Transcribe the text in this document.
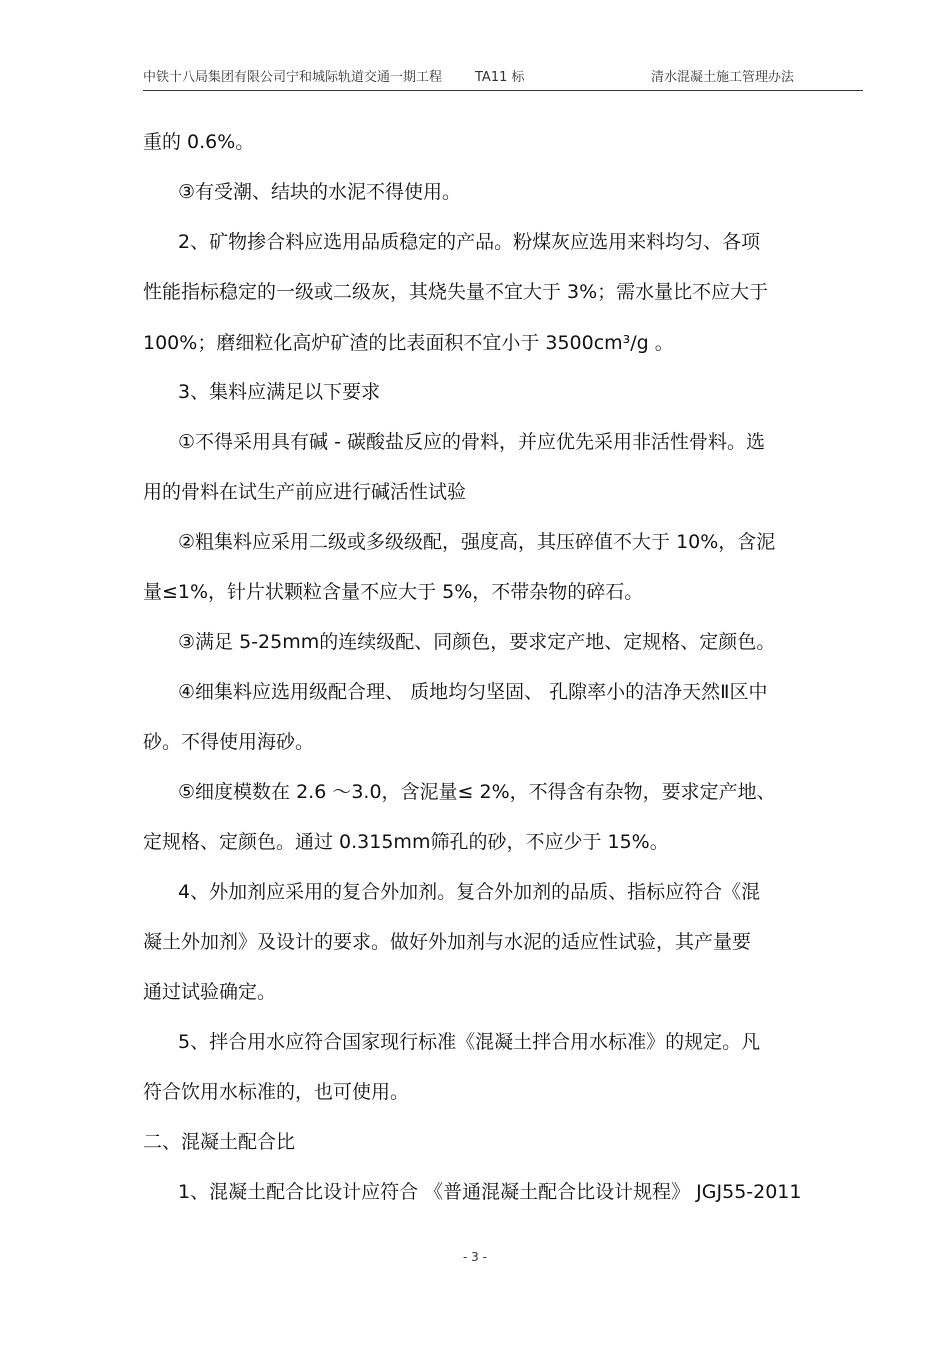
中铁十八局集团有限公司宁和城际轨道交通一期工程	TA11 标	清水混凝土施工管理办法
重的 0.6%。
③有受潮、结块的水泥不得使用。
2、矿物掺合料应选用品质稳定的产品。粉煤灰应选用来料均匀、各项
性能指标稳定的一级或二级灰，其烧失量不宜大于 3%；需水量比不应大于
100%；磨细粒化高炉矿渣的比表面积不宜小于 3500cm³/g 。
3、集料应满足以下要求
①不得采用具有碱 - 碳酸盐反应的骨料，并应优先采用非活性骨料。选
用的骨料在试生产前应进行碱活性试验
②粗集料应采用二级或多级级配，强度高，其压碎值不大于 10%，含泥
量≤1%，针片状颗粒含量不应大于 5%，不带杂物的碎石。
③满足 5-25mm的连续级配、同颜色，要求定产地、定规格、定颜色。
④细集料应选用级配合理、 质地均匀坚固、 孔隙率小的洁净天然Ⅱ区中
砂。不得使用海砂。
⑤细度模数在 2.6 ～3.0，含泥量≤ 2%，不得含有杂物，要求定产地、
定规格、定颜色。通过 0.315mm筛孔的砂，不应少于 15%。
4、外加剂应采用的复合外加剂。复合外加剂的品质、指标应符合《混
凝土外加剂》及设计的要求。做好外加剂与水泥的适应性试验，其产量要
通过试验确定。
5、拌合用水应符合国家现行标准《混凝土拌合用水标准》的规定。凡
符合饮用水标准的，也可使用。
二、混凝土配合比
1、混凝土配合比设计应符合 《普通混凝土配合比设计规程》 JGJ55-2011
- 3 -
